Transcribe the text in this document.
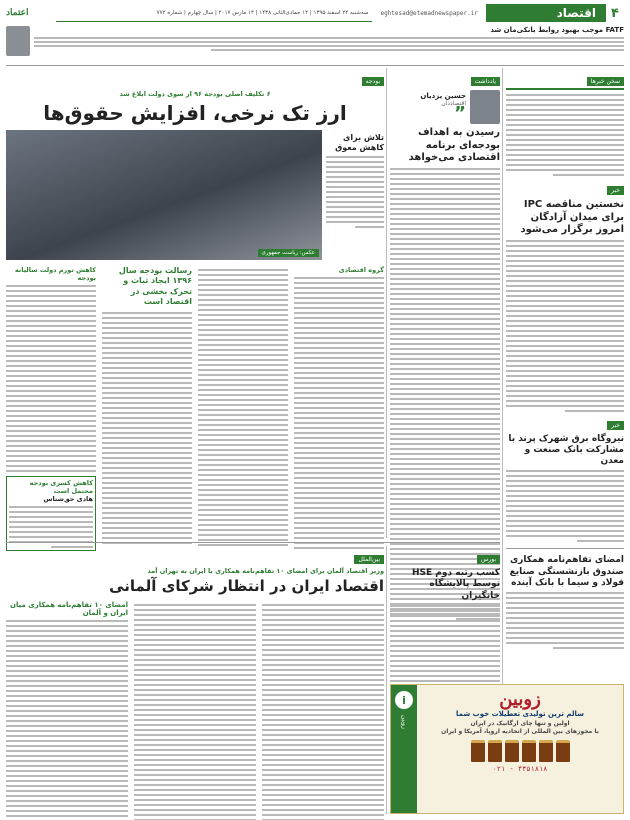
۴
اقتصاد
eghtesad@etemadnewspaper.ir
سه‌شنبه ۲۴ اسفند ۱۳۹۵ | ۱۴ جمادی‌الثانی ۱۴۳۸ | ۱۴ مارس ۲۰۱۷ | سال چهارم | شماره ۷۷۲
اعتماد
FATF موجب بهبود روابط بانکی‌مان شد
سخن خبر‌ها
خبر
نخستین مناقصه IPC برای میدان آزادگان امروز برگزار می‌شود
خبر
نیروگاه برق شهرک پرند با مشارکت بانک صنعت و معدن
امضای تفاهم‌نامه همکاری صندوق بازنشستگی صنایع فولاد و سیما با بانک آینده
یادداشت
حسین یزدیان
اقتصاددان
”
رسیدن به اهداف بودجه‌ای برنامه اقتصادی می‌خواهد
بودجه
۶ تکلیف اصلی بودجه ۹۶ از سوی دولت ابلاغ شد
ارز تک نرخی، افزایش حقوق‌ها
تلاش برای کاهش معوق
عکس: ریاست جمهوری
گروه اقتصادی
رسالت بودجه سال ۱۳۹۶ ایجاد ثبات و تحرک بخشی در اقتصاد است
کاهش تورم دولت سالیانه بودجه
کاهش کسری بودجه محتمل است
هادی حق‌شناس
بین‌الملل
وزیر اقتصاد آلمان برای امضای ۱۰ تفاهم‌نامه همکاری با ایران به تهران آمد
اقتصاد ایران در انتظار شرکای آلمانی
امضای ۱۰ تفاهم‌نامه همکاری میان ایران و آلمان
بورس
کسب رتبه دوم HSE توسط پالایشگاه خانگیران
زوبین
سالم ترین تولیدی تعطیلات خوب شما
اولین و تنها چای ارگانیک در ایران
با مجوزهای بین المللی از اتحادیه اروپا، آمریکا و ایران
۰۲۱ - ۴۴۵۱۸۱۸
i
زوبین
